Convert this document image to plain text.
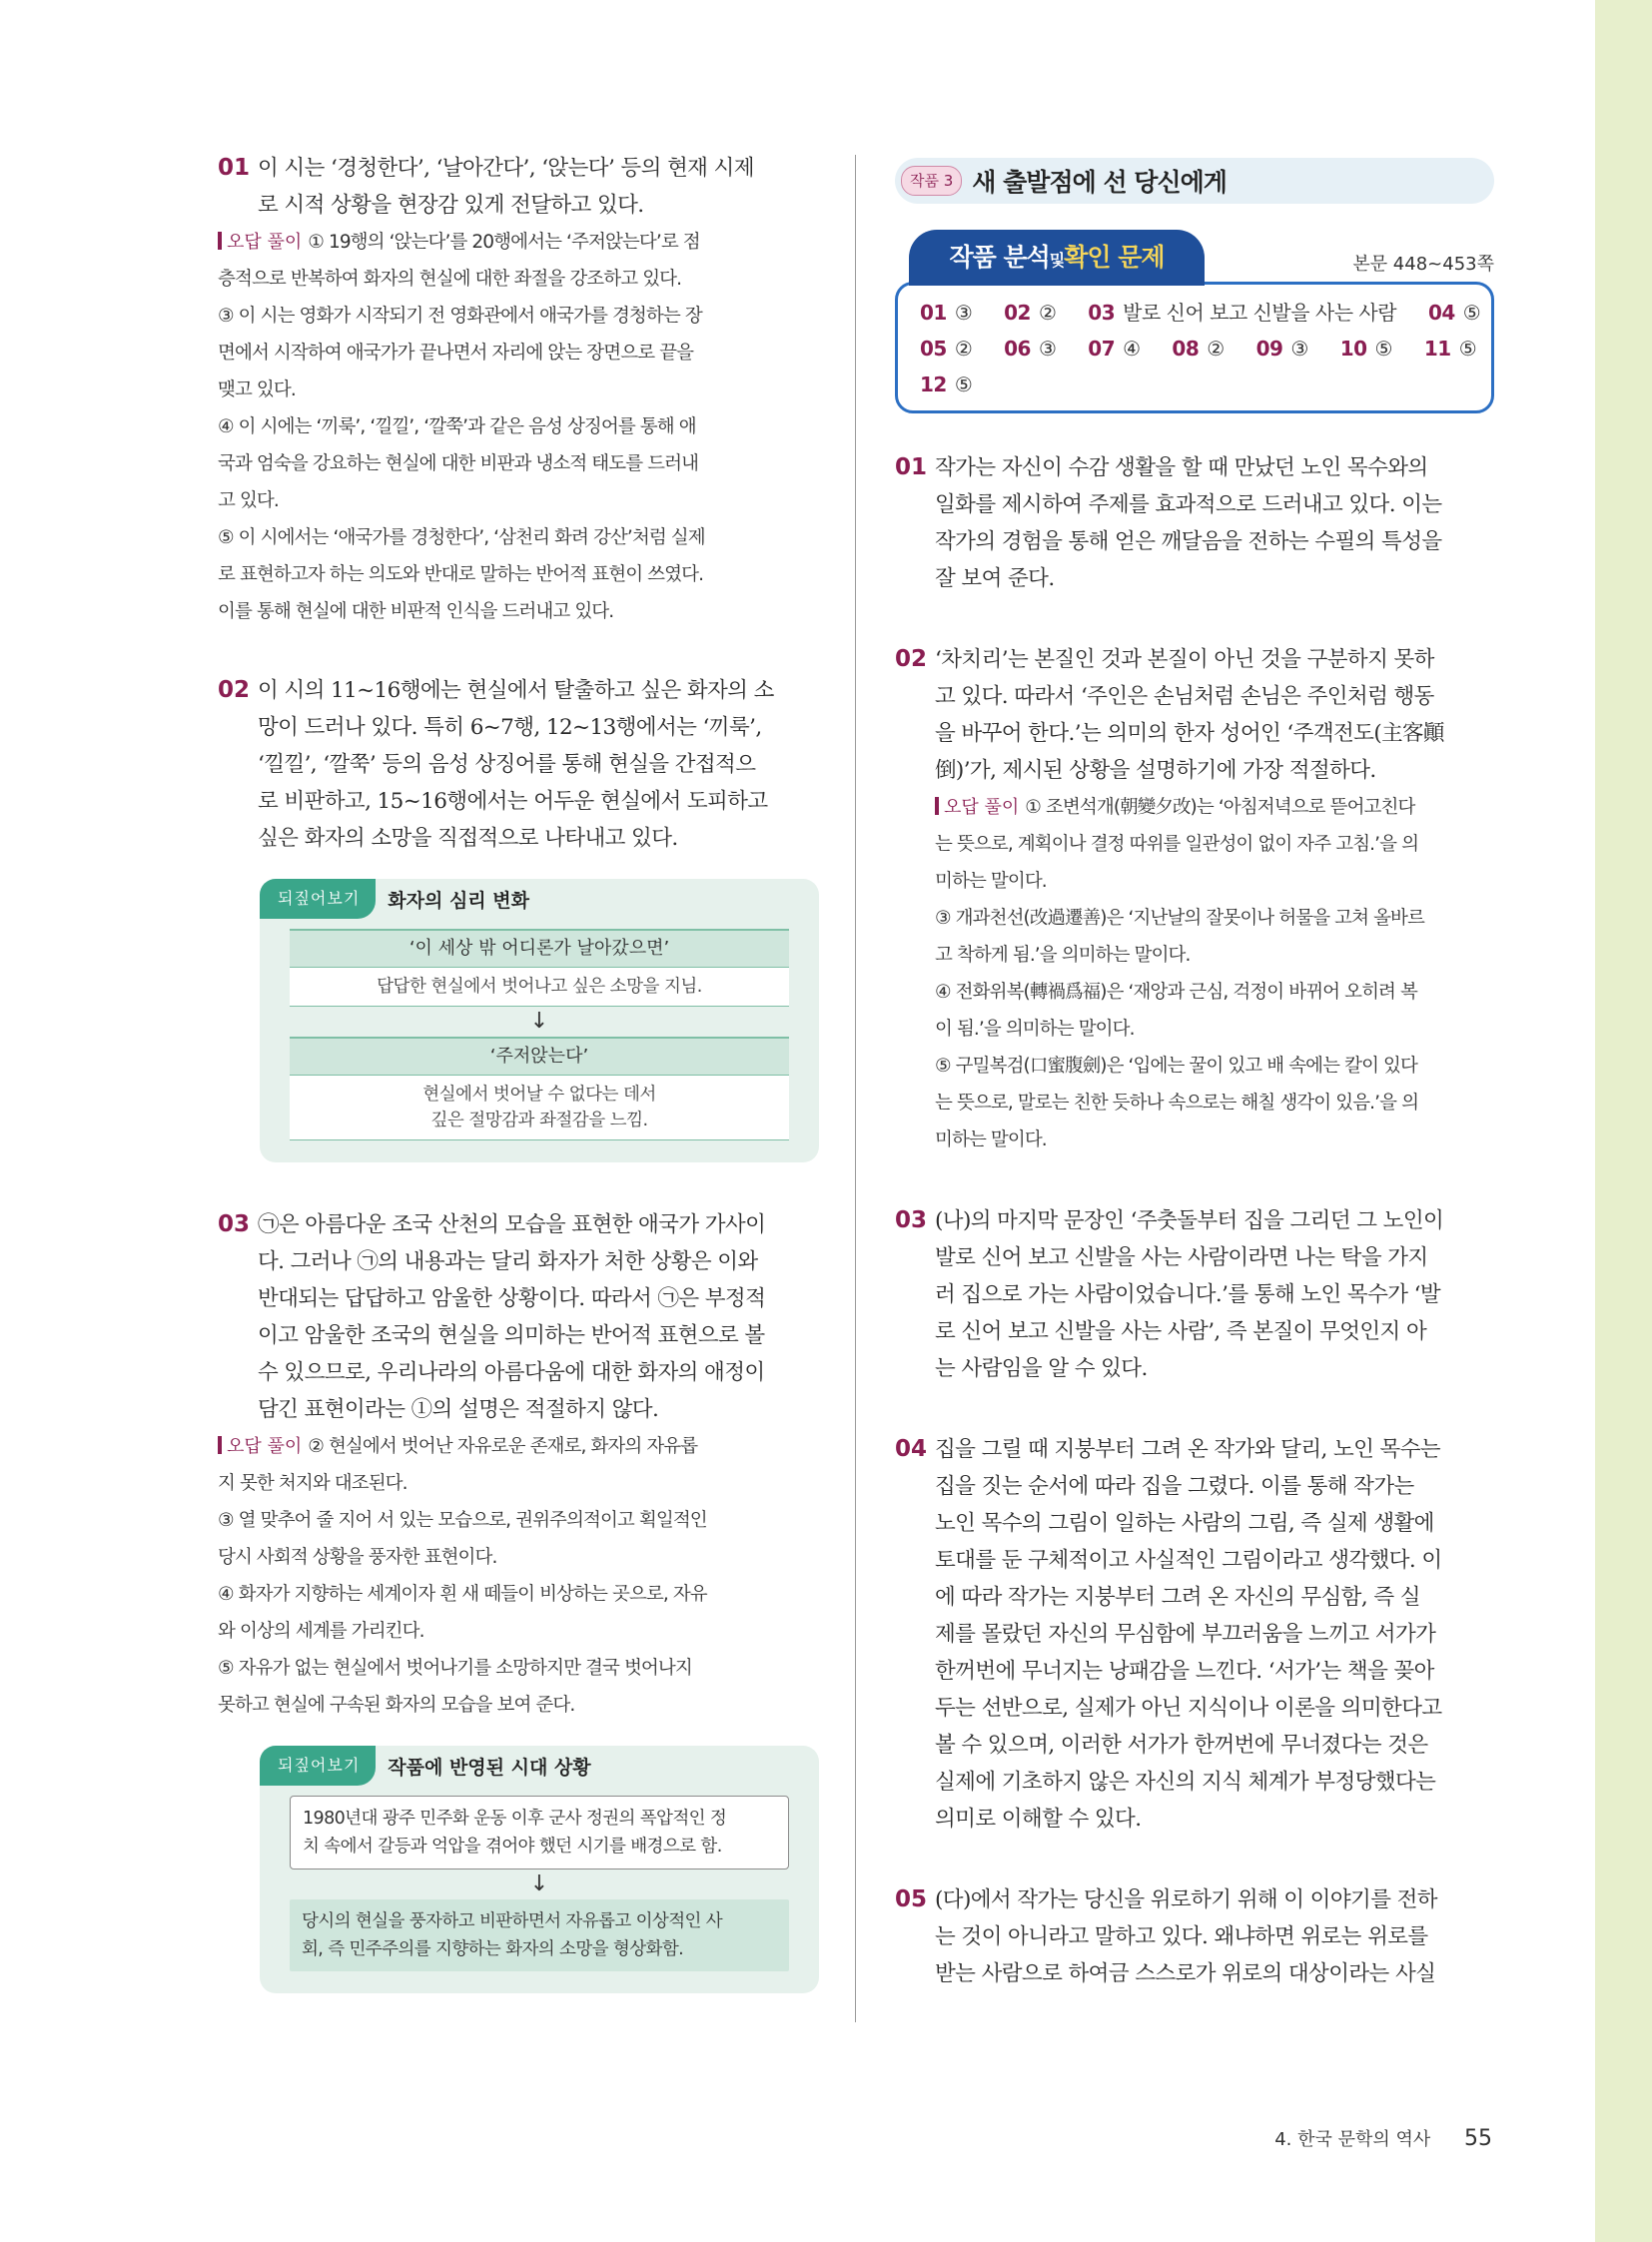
01 이 시는 ‘경청한다’, ‘날아간다’, ‘앉는다’ 등의 현재 시제
로 시적 상황을 현장감 있게 전달하고 있다.
오답 풀이 ① 19행의 ‘앉는다’를 20행에서는 ‘주저앉는다’로 점
층적으로 반복하여 화자의 현실에 대한 좌절을 강조하고 있다.
③ 이 시는 영화가 시작되기 전 영화관에서 애국가를 경청하는 장
면에서 시작하여 애국가가 끝나면서 자리에 앉는 장면으로 끝을
맺고 있다.
④ 이 시에는 ‘끼룩’, ‘낄낄’, ‘깔쭉’과 같은 음성 상징어를 통해 애
국과 엄숙을 강요하는 현실에 대한 비판과 냉소적 태도를 드러내
고 있다.
⑤ 이 시에서는 ‘애국가를 경청한다’, ‘삼천리 화려 강산’처럼 실제
로 표현하고자 하는 의도와 반대로 말하는 반어적 표현이 쓰였다.
이를 통해 현실에 대한 비판적 인식을 드러내고 있다.
02 이 시의 11~16행에는 현실에서 탈출하고 싶은 화자의 소
망이 드러나 있다. 특히 6~7행, 12~13행에서는 ‘끼룩’,
‘낄낄’, ‘깔쭉’ 등의 음성 상징어를 통해 현실을 간접적으
로 비판하고, 15~16행에서는 어두운 현실에서 도피하고
싶은 화자의 소망을 직접적으로 나타내고 있다.
되짚어보기	화자의 심리 변화
‘이 세상 밖 어디론가 날아갔으면’
답답한 현실에서 벗어나고 싶은 소망을 지님.
↓
‘주저앉는다’
현실에서 벗어날 수 없다는 데서
깊은 절망감과 좌절감을 느낌.
03 ㉠은 아름다운 조국 산천의 모습을 표현한 애국가 가사이
다. 그러나 ㉠의 내용과는 달리 화자가 처한 상황은 이와
반대되는 답답하고 암울한 상황이다. 따라서 ㉠은 부정적
이고 암울한 조국의 현실을 의미하는 반어적 표현으로 볼
수 있으므로, 우리나라의 아름다움에 대한 화자의 애정이
담긴 표현이라는 ①의 설명은 적절하지 않다.
오답 풀이 ② 현실에서 벗어난 자유로운 존재로, 화자의 자유롭
지 못한 처지와 대조된다.
③ 열 맞추어 줄 지어 서 있는 모습으로, 권위주의적이고 획일적인
당시 사회적 상황을 풍자한 표현이다.
④ 화자가 지향하는 세계이자 흰 새 떼들이 비상하는 곳으로, 자유
와 이상의 세계를 가리킨다.
⑤ 자유가 없는 현실에서 벗어나기를 소망하지만 결국 벗어나지
못하고 현실에 구속된 화자의 모습을 보여 준다.
되짚어보기	작품에 반영된 시대 상황
1980년대 광주 민주화 운동 이후 군사 정권의 폭압적인 정
치 속에서 갈등과 억압을 겪어야 했던 시기를 배경으로 함.
↓
당시의 현실을 풍자하고 비판하면서 자유롭고 이상적인 사
회, 즉 민주주의를 지향하는 화자의 소망을 형상화함.
작품 3 새 출발점에 선 당신에게
작품 분석및확인 문제	본문 448~453쪽
01 ③ 02 ② 03 발로 신어 보고 신발을 사는 사람 04 ⑤
05 ② 06 ③ 07 ④ 08 ② 09 ③ 10 ⑤ 11 ⑤
12 ⑤
01 작가는 자신이 수감 생활을 할 때 만났던 노인 목수와의
일화를 제시하여 주제를 효과적으로 드러내고 있다. 이는
작가의 경험을 통해 얻은 깨달음을 전하는 수필의 특성을
잘 보여 준다.
02 ‘차치리’는 본질인 것과 본질이 아닌 것을 구분하지 못하
고 있다. 따라서 ‘주인은 손님처럼 손님은 주인처럼 행동
을 바꾸어 한다.’는 의미의 한자 성어인 ‘주객전도(主客顚
倒)’가, 제시된 상황을 설명하기에 가장 적절하다.
오답 풀이 ① 조변석개(朝變夕改)는 ‘아침저녁으로 뜯어고친다
는 뜻으로, 계획이나 결정 따위를 일관성이 없이 자주 고침.’을 의
미하는 말이다.
③ 개과천선(改過遷善)은 ‘지난날의 잘못이나 허물을 고쳐 올바르
고 착하게 됨.’을 의미하는 말이다.
④ 전화위복(轉禍爲福)은 ‘재앙과 근심, 걱정이 바뀌어 오히려 복
이 됨.’을 의미하는 말이다.
⑤ 구밀복검(口蜜腹劍)은 ‘입에는 꿀이 있고 배 속에는 칼이 있다
는 뜻으로, 말로는 친한 듯하나 속으로는 해칠 생각이 있음.’을 의
미하는 말이다.
03 (나)의 마지막 문장인 ‘주춧돌부터 집을 그리던 그 노인이
발로 신어 보고 신발을 사는 사람이라면 나는 탁을 가지
러 집으로 가는 사람이었습니다.’를 통해 노인 목수가 ‘발
로 신어 보고 신발을 사는 사람’, 즉 본질이 무엇인지 아
는 사람임을 알 수 있다.
04 집을 그릴 때 지붕부터 그려 온 작가와 달리, 노인 목수는
집을 짓는 순서에 따라 집을 그렸다. 이를 통해 작가는
노인 목수의 그림이 일하는 사람의 그림, 즉 실제 생활에
토대를 둔 구체적이고 사실적인 그림이라고 생각했다. 이
에 따라 작가는 지붕부터 그려 온 자신의 무심함, 즉 실
제를 몰랐던 자신의 무심함에 부끄러움을 느끼고 서가가
한꺼번에 무너지는 낭패감을 느낀다. ‘서가’는 책을 꽂아
두는 선반으로, 실제가 아닌 지식이나 이론을 의미한다고
볼 수 있으며, 이러한 서가가 한꺼번에 무너졌다는 것은
실제에 기초하지 않은 자신의 지식 체계가 부정당했다는
의미로 이해할 수 있다.
05 (다)에서 작가는 당신을 위로하기 위해 이 이야기를 전하
는 것이 아니라고 말하고 있다. 왜냐하면 위로는 위로를
받는 사람으로 하여금 스스로가 위로의 대상이라는 사실
4. 한국 문학의 역사 55
